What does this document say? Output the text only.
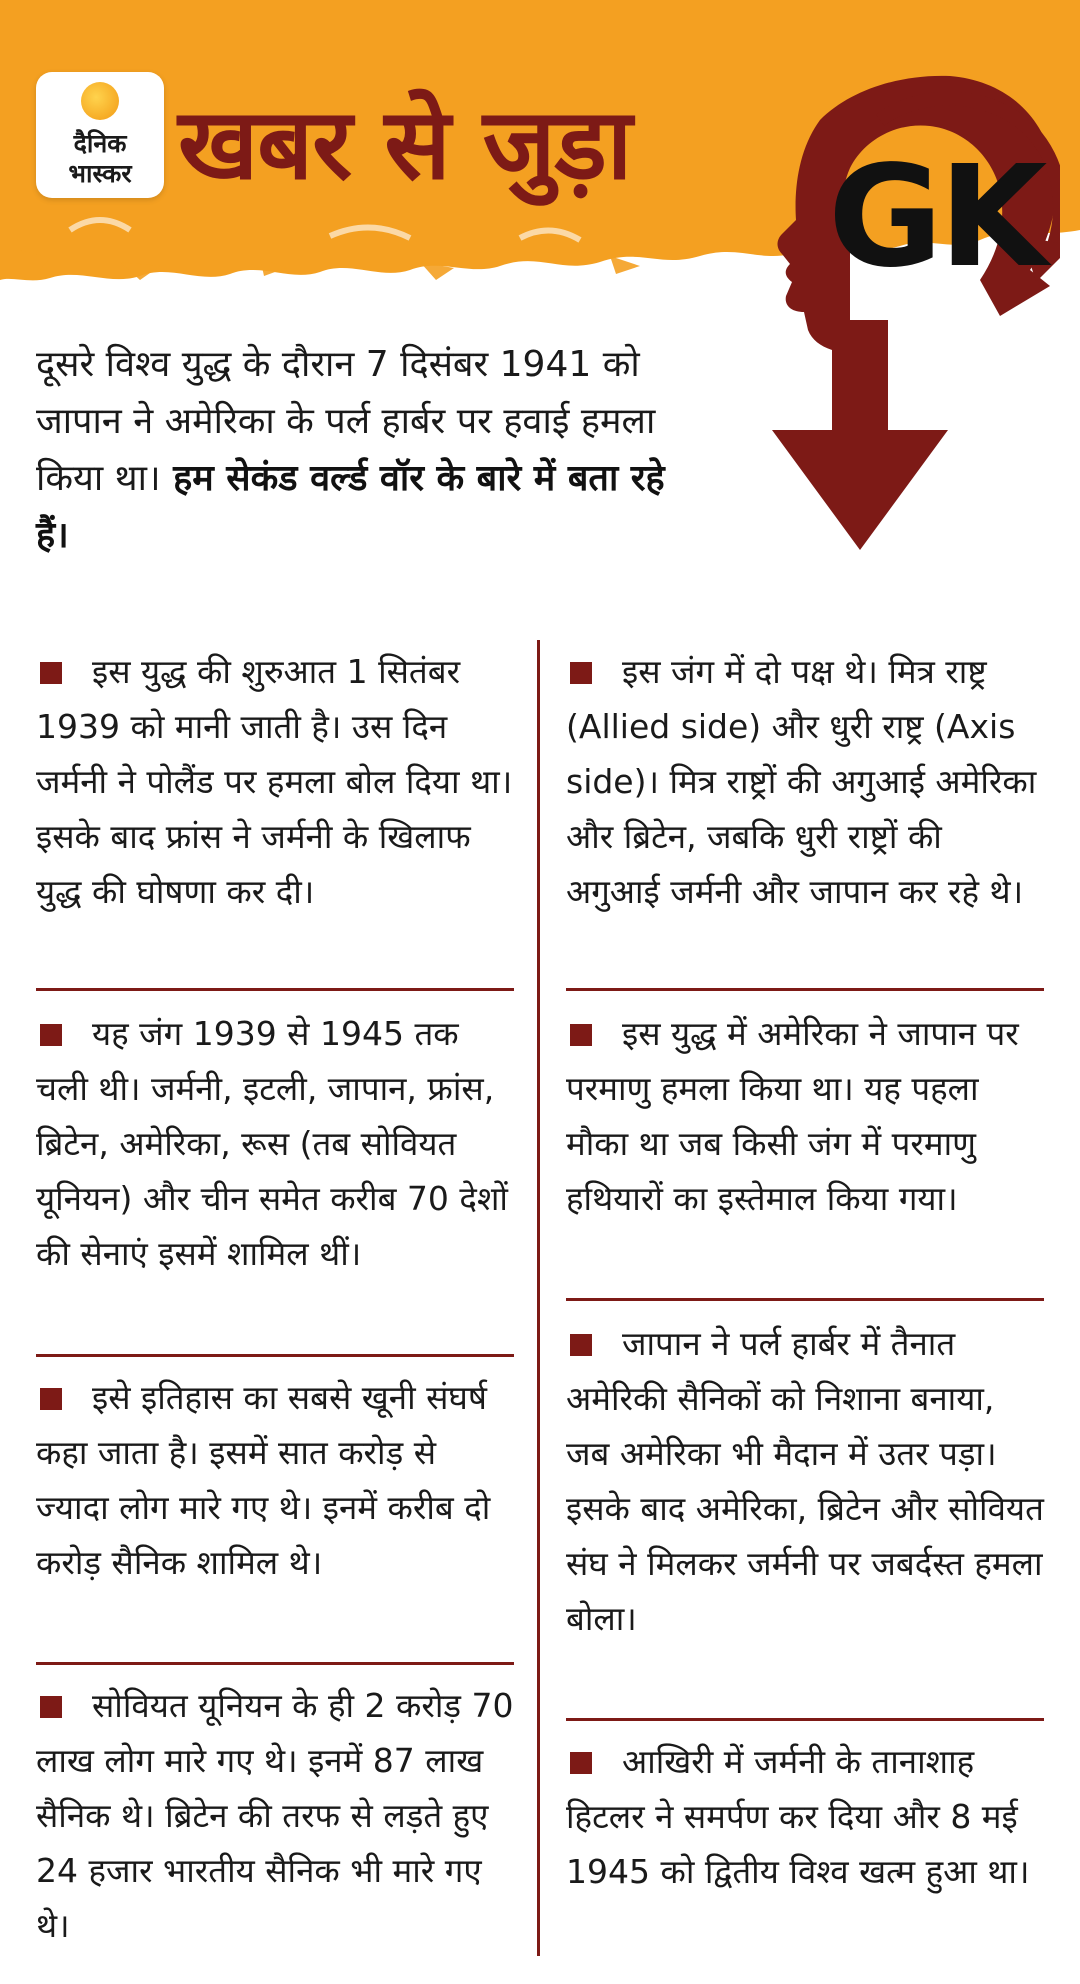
दैनिक
भास्कर खबर से जुड़ा GK
दूसरे विश्व युद्ध के दौरान 7 दिसंबर 1941 को जापान ने अमेरिका के पर्ल हार्बर पर हवाई हमला किया था। हम सेकंड वर्ल्ड वॉर के बारे में बता रहे हैं।
इस युद्ध की शुरुआत 1 सितंबर 1939 को मानी जाती है। उस दिन जर्मनी ने पोलैंड पर हमला बोल दिया था। इसके बाद फ्रांस ने जर्मनी के खिलाफ युद्ध की घोषणा कर दी।
यह जंग 1939 से 1945 तक चली थी। जर्मनी, इटली, जापान, फ्रांस, ब्रिटेन, अमेरिका, रूस (तब सोवियत यूनियन) और चीन समेत करीब 70 देशों की सेनाएं इसमें शामिल थीं।
इसे इतिहास का सबसे खूनी संघर्ष कहा जाता है। इसमें सात करोड़ से ज्यादा लोग मारे गए थे। इनमें करीब दो करोड़ सैनिक शामिल थे।
सोवियत यूनियन के ही 2 करोड़ 70 लाख लोग मारे गए थे। इनमें 87 लाख सैनिक थे। ब्रिटेन की तरफ से लड़ते हुए 24 हजार भारतीय सैनिक भी मारे गए थे।
इस जंग में दो पक्ष थे। मित्र राष्ट्र (Allied side) और धुरी राष्ट्र (Axis side)। मित्र राष्ट्रों की अगुआई अमेरिका और ब्रिटेन, जबकि धुरी राष्ट्रों की अगुआई जर्मनी और जापान कर रहे थे।
इस युद्ध में अमेरिका ने जापान पर परमाणु हमला किया था। यह पहला मौका था जब किसी जंग में परमाणु हथियारों का इस्तेमाल किया गया।
जापान ने पर्ल हार्बर में तैनात अमेरिकी सैनिकों को निशाना बनाया, जब अमेरिका भी मैदान में उतर पड़ा। इसके बाद अमेरिका, ब्रिटेन और सोवियत संघ ने मिलकर जर्मनी पर जबर्दस्त हमला बोला।
आखिरी में जर्मनी के तानाशाह हिटलर ने समर्पण कर दिया और 8 मई 1945 को द्वितीय विश्व खत्म हुआ था।
